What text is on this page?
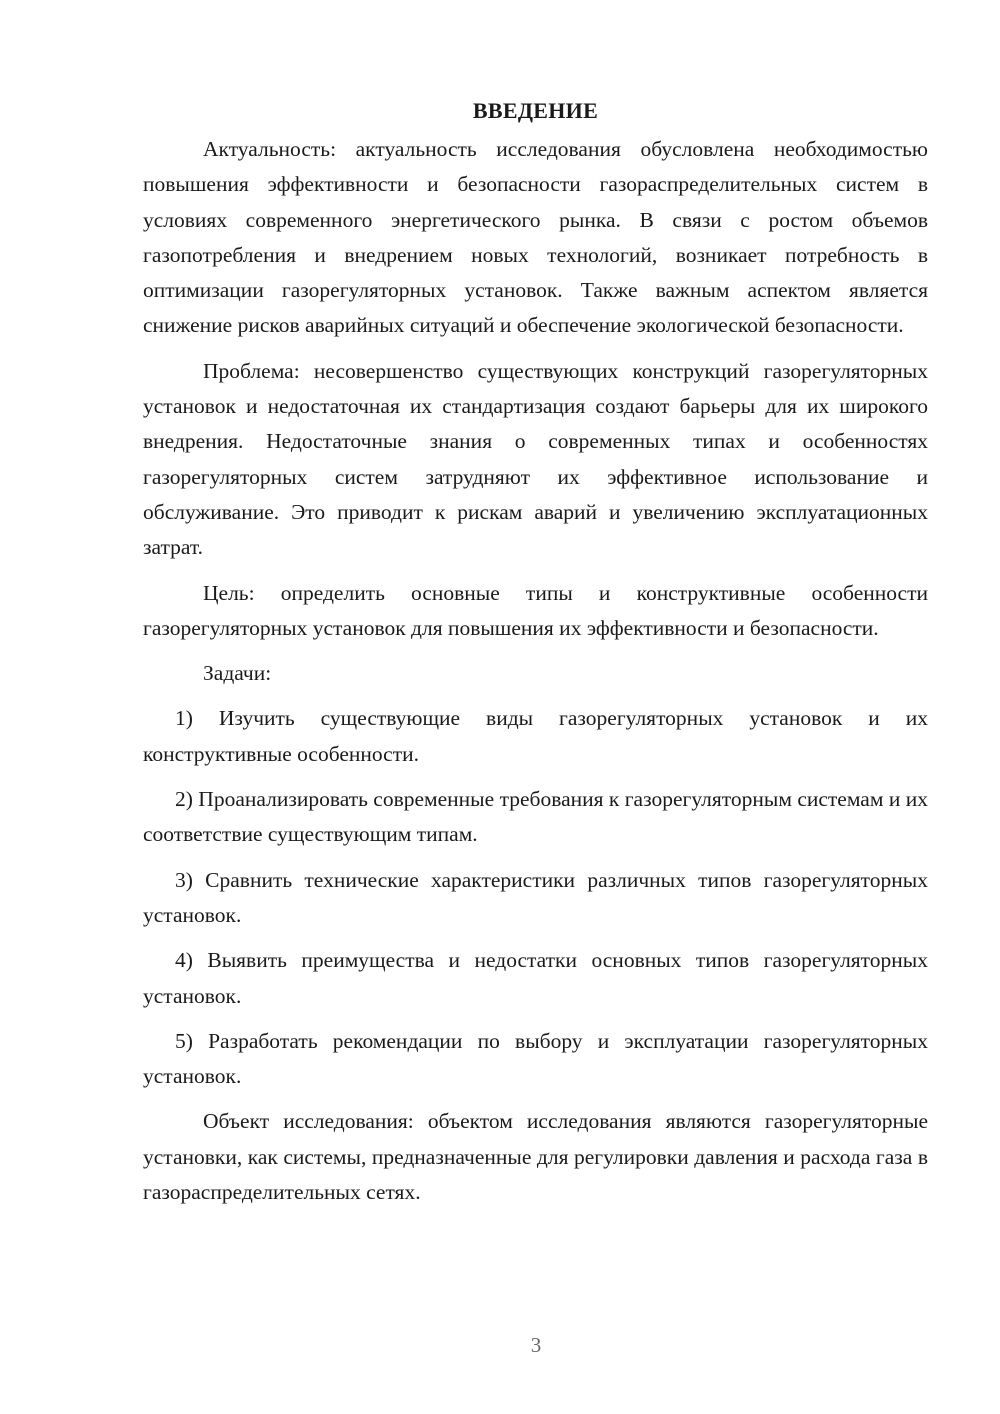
ВВЕДЕНИЕ

Актуальность: актуальность исследования обусловлена необходимостью повышения эффективности и безопасности газораспределительных систем в условиях современного энергетического рынка. В связи с ростом объемов газопотребления и внедрением новых технологий, возникает потребность в оптимизации газорегуляторных установок. Также важным аспектом является снижение рисков аварийных ситуаций и обеспечение экологической безопасности.

Проблема: несовершенство существующих конструкций газорегуляторных установок и недостаточная их стандартизация создают барьеры для их широкого внедрения. Недостаточные знания о современных типах и особенностях газорегуляторных систем затрудняют их эффективное использование и обслуживание. Это приводит к рискам аварий и увеличению эксплуатационных затрат.

Цель: определить основные типы и конструктивные особенности газорегуляторных установок для повышения их эффективности и безопасности.

Задачи:

1) Изучить существующие виды газорегуляторных установок и их конструктивные особенности.

2) Проанализировать современные требования к газорегуляторным системам и их соответствие существующим типам.

3) Сравнить технические характеристики различных типов газорегуляторных установок.

4) Выявить преимущества и недостатки основных типов газорегуляторных установок.

5) Разработать рекомендации по выбору и эксплуатации газорегуляторных установок.

Объект исследования: объектом исследования являются газорегуляторные установки, как системы, предназначенные для регулировки давления и расхода газа в газораспределительных сетях.

3
